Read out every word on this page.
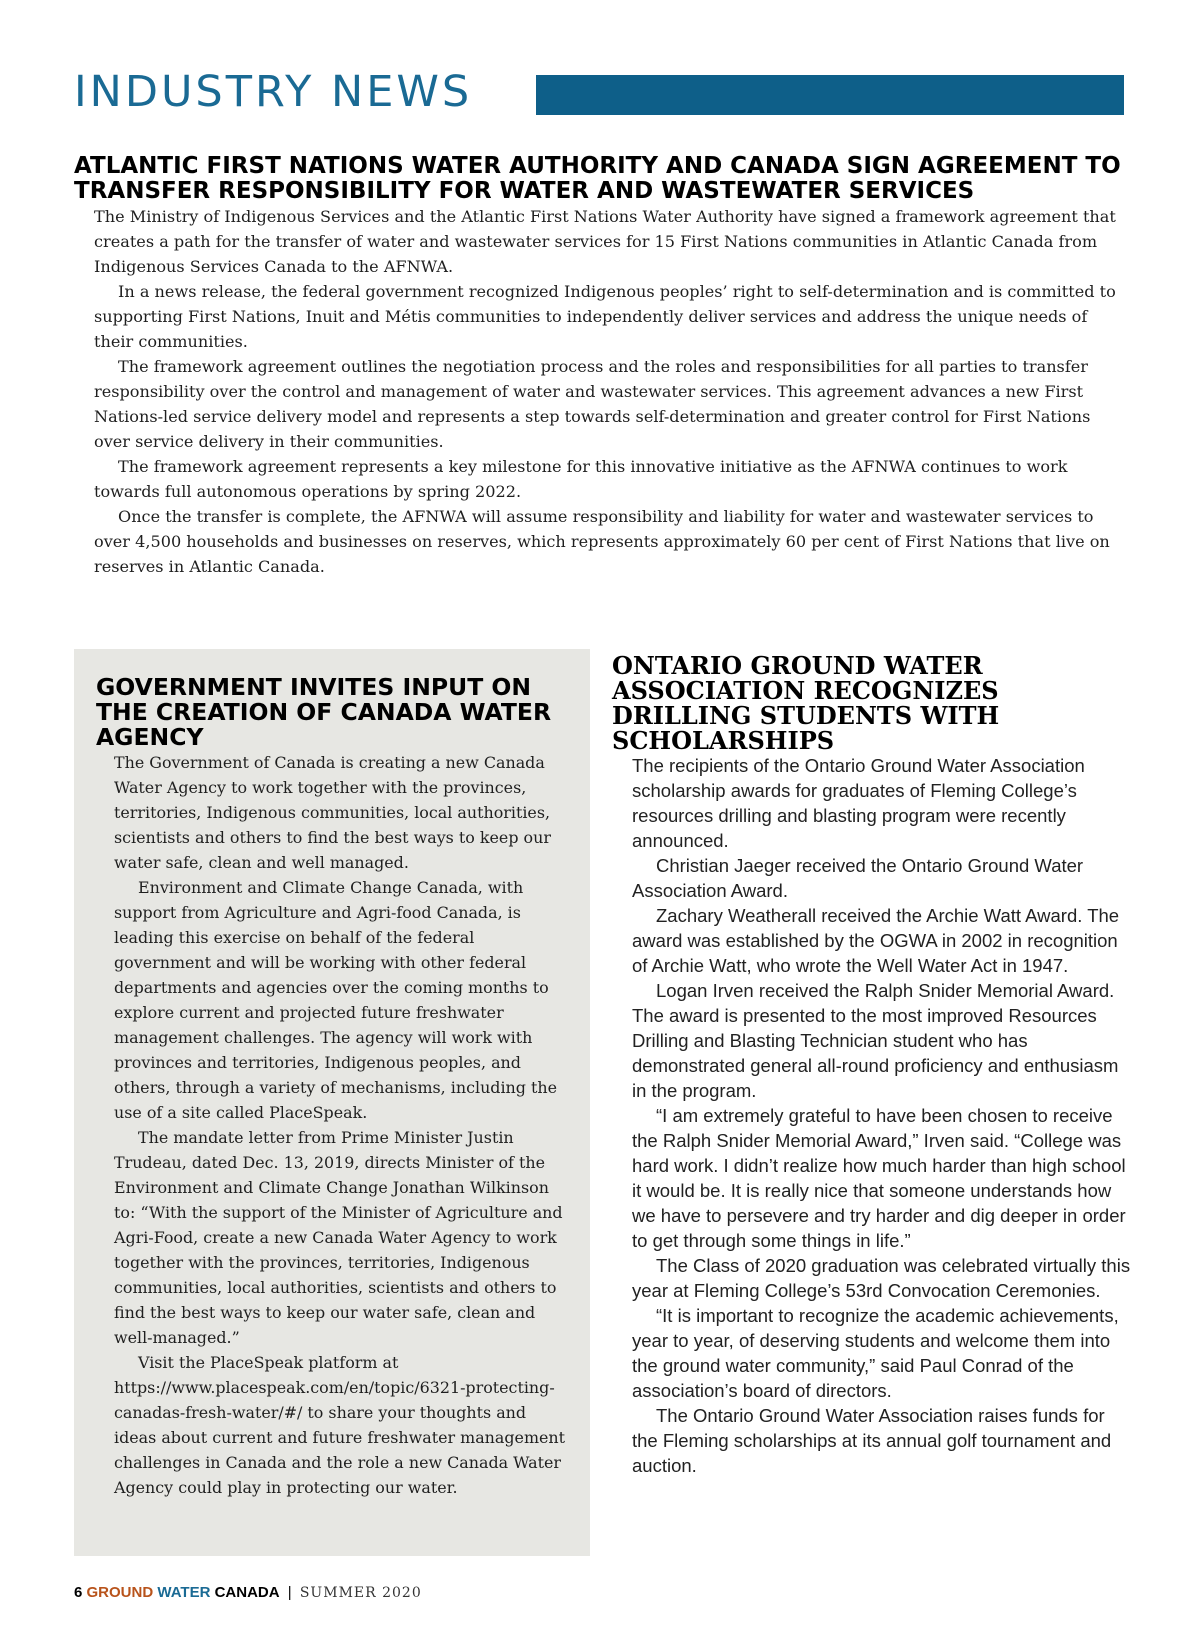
INDUSTRY NEWS
ATLANTIC FIRST NATIONS WATER AUTHORITY AND CANADA SIGN AGREEMENT TO TRANSFER RESPONSIBILITY FOR WATER AND WASTEWATER SERVICES

The Ministry of Indigenous Services and the Atlantic First Nations Water Authority have signed a framework agreement that creates a path for the transfer of water and wastewater services for 15 First Nations communities in Atlantic Canada from Indigenous Services Canada to the AFNWA.

In a news release, the federal government recognized Indigenous peoples’ right to self-determination and is committed to supporting First Nations, Inuit and Métis communities to independently deliver services and address the unique needs of their communities.

The framework agreement outlines the negotiation process and the roles and responsibilities for all parties to transfer responsibility over the control and management of water and wastewater services. This agreement advances a new First Nations-led service delivery model and represents a step towards self-determination and greater control for First Nations over service delivery in their communities.

The framework agreement represents a key milestone for this innovative initiative as the AFNWA continues to work towards full autonomous operations by spring 2022.

Once the transfer is complete, the AFNWA will assume responsibility and liability for water and wastewater services to over 4,500 households and businesses on reserves, which represents approximately 60 per cent of First Nations that live on reserves in Atlantic Canada.

GOVERNMENT INVITES INPUT ON THE CREATION OF CANADA WATER AGENCY

The Government of Canada is creating a new Canada Water Agency to work together with the provinces, territories, Indigenous communities, local authorities, scientists and others to find the best ways to keep our water safe, clean and well managed.

Environment and Climate Change Canada, with support from Agriculture and Agri-food Canada, is leading this exercise on behalf of the federal government and will be working with other federal departments and agencies over the coming months to explore current and projected future freshwater management challenges. The agency will work with provinces and territories, Indigenous peoples, and others, through a variety of mechanisms, including the use of a site called PlaceSpeak.

The mandate letter from Prime Minister Justin Trudeau, dated Dec. 13, 2019, directs Minister of the Environment and Climate Change Jonathan Wilkinson to: “With the support of the Minister of Agriculture and Agri-Food, create a new Canada Water Agency to work together with the provinces, territories, Indigenous communities, local authorities, scientists and others to find the best ways to keep our water safe, clean and well-managed.”

Visit the PlaceSpeak platform at https://www.placespeak.com/en/topic/6321-protecting-canadas-fresh-water/#/ to share your thoughts and ideas about current and future freshwater management challenges in Canada and the role a new Canada Water Agency could play in protecting our water.

ONTARIO GROUND WATER ASSOCIATION RECOGNIZES DRILLING STUDENTS WITH SCHOLARSHIPS

The recipients of the Ontario Ground Water Association scholarship awards for graduates of Fleming College’s resources drilling and blasting program were recently announced.

Christian Jaeger received the Ontario Ground Water Association Award.

Zachary Weatherall received the Archie Watt Award. The award was established by the OGWA in 2002 in recognition of Archie Watt, who wrote the Well Water Act in 1947.

Logan Irven received the Ralph Snider Memorial Award. The award is presented to the most improved Resources Drilling and Blasting Technician student who has demonstrated general all-round proficiency and enthusiasm in the program.

“I am extremely grateful to have been chosen to receive the Ralph Snider Memorial Award,” Irven said. “College was hard work. I didn’t realize how much harder than high school it would be. It is really nice that someone understands how we have to persevere and try harder and dig deeper in order to get through some things in life.”

The Class of 2020 graduation was celebrated virtually this year at Fleming College’s 53rd Convocation Ceremonies.

“It is important to recognize the academic achievements, year to year, of deserving students and welcome them into the ground water community,” said Paul Conrad of the association’s board of directors.

The Ontario Ground Water Association raises funds for the Fleming scholarships at its annual golf tournament and auction.

6 GROUND WATER CANADA | SUMMER 2020
